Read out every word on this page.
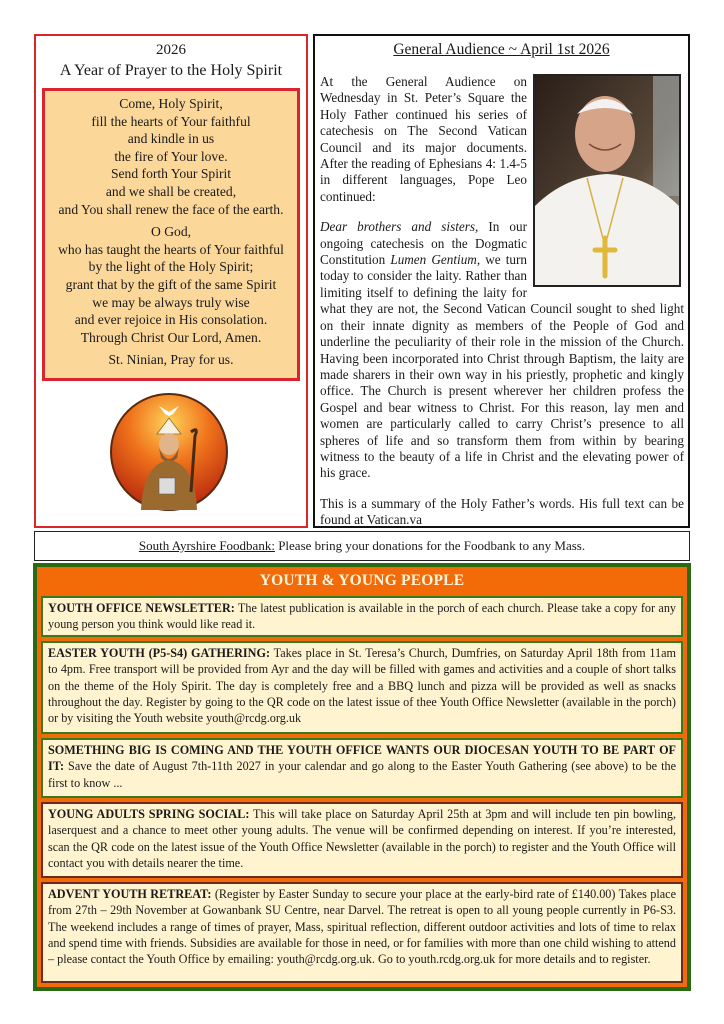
2026
A Year of Prayer to the Holy Spirit
Come, Holy Spirit,
fill the hearts of Your faithful
and kindle in us
the fire of Your love.
Send forth Your Spirit
and we shall be created,
and You shall renew the face of the earth.
O God,
who has taught the hearts of Your faithful
by the light of the Holy Spirit;
grant that by the gift of the same Spirit
we may be always truly wise
and ever rejoice in His consolation.
Through Christ Our Lord, Amen.
St. Ninian, Pray for us.
General Audience ~ April 1st 2026

At the General Audience on Wednesday in St. Peter’s Square the Holy Father continued his series of catechesis on The Second Vatican Council and its major documents. After the reading of Ephesians 4: 1.4-5 in different languages, Pope Leo continued:

Dear brothers and sisters, In our ongoing catechesis on the Dogmatic Constitution Lumen Gentium, we turn today to consider the laity. Rather than limiting itself to defining the laity for what they are not, the Second Vatican Council sought to shed light on their innate dignity as members of the People of God and underline the peculiarity of their role in the mission of the Church. Having been incorporated into Christ through Baptism, the laity are made sharers in their own way in his priestly, prophetic and kingly office. The Church is present wherever her children profess the Gospel and bear witness to Christ. For this reason, lay men and women are particularly called to carry Christ’s presence to all spheres of life and so transform them from within by bearing witness to the beauty of a life in Christ and the elevating power of his grace.

This is a summary of the Holy Father’s words. His full text can be found at Vatican.va

South Ayrshire Foodbank: Please bring your donations for the Foodbank to any Mass.
YOUTH & YOUNG PEOPLE
YOUTH OFFICE NEWSLETTER: The latest publication is available in the porch of each church. Please take a copy for any young person you think would like read it.
EASTER YOUTH (P5-S4) GATHERING: Takes place in St. Teresa’s Church, Dumfries, on Saturday April 18th from 11am to 4pm. Free transport will be provided from Ayr and the day will be filled with games and activities and a couple of short talks on the theme of the Holy Spirit. The day is completely free and a BBQ lunch and pizza will be provided as well as snacks throughout the day. Register by going to the QR code on the latest issue of thee Youth Office Newsletter (available in the porch) or by visiting the Youth website youth@rcdg.org.uk
SOMETHING BIG IS COMING AND THE YOUTH OFFICE WANTS OUR DIOCESAN YOUTH TO BE PART OF IT: Save the date of August 7th-11th 2027 in your calendar and go along to the Easter Youth Gathering (see above) to be the first to know ...
YOUNG ADULTS SPRING SOCIAL: This will take place on Saturday April 25th at 3pm and will include ten pin bowling, laserquest and a chance to meet other young adults. The venue will be confirmed depending on interest. If you’re interested, scan the QR code on the latest issue of the Youth Office Newsletter (available in the porch) to register and the Youth Office will contact you with details nearer the time.
ADVENT YOUTH RETREAT: (Register by Easter Sunday to secure your place at the early-bird rate of £140.00) Takes place from 27th – 29th November at Gowanbank SU Centre, near Darvel. The retreat is open to all young people currently in P6-S3. The weekend includes a range of times of prayer, Mass, spiritual reflection, different outdoor activities and lots of time to relax and spend time with friends. Subsidies are available for those in need, or for families with more than one child wishing to attend – please contact the Youth Office by emailing: youth@rcdg.org.uk. Go to youth.rcdg.org.uk for more details and to register.
